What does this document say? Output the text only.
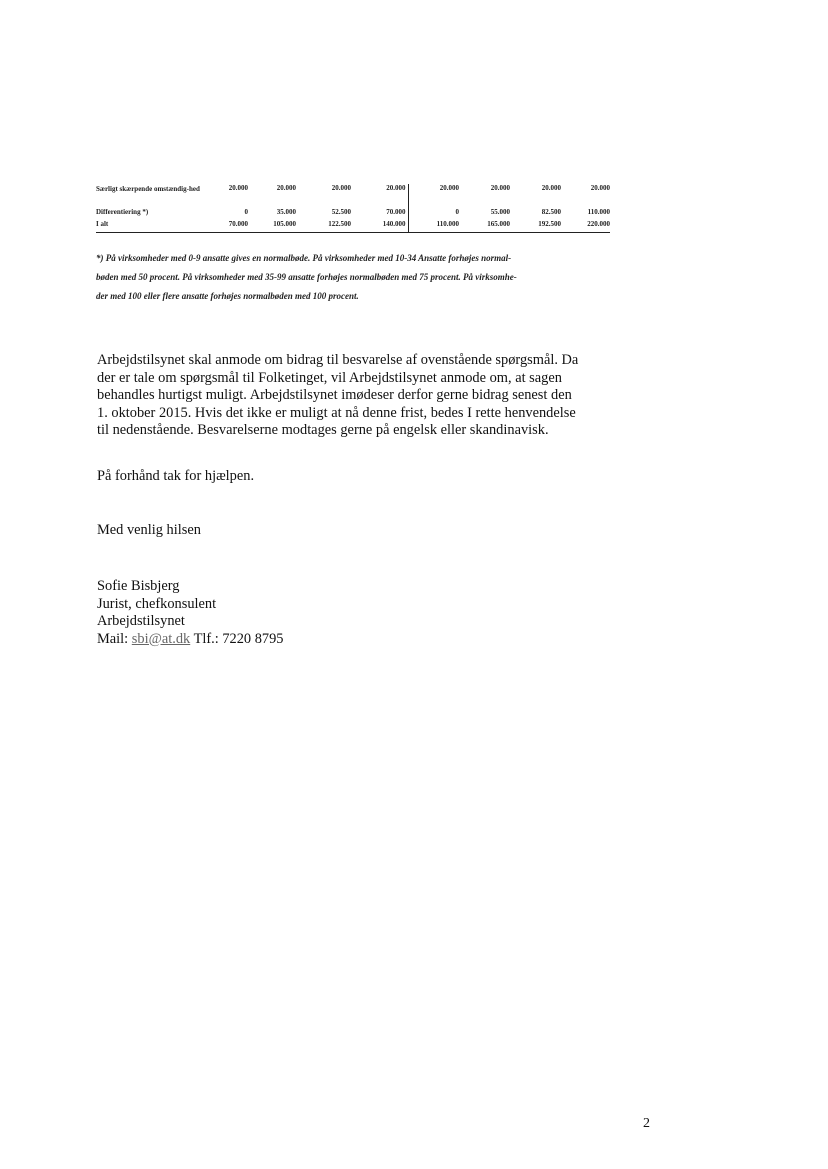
Særligt skærpende omstændig-hed	20.000	20.000	20.000	20.000	20.000	20.000	20.000	20.000

Differentiering *)	0	35.000	52.500	70.000	0	55.000	82.500	110.000
I alt	70.000	105.000	122.500	140.000	110.000	165.000	192.500	220.000

*) På virksomheder med 0-9 ansatte gives en normalbøde. På virksomheder med 10-34 Ansatte forhøjes normal-

bøden med 50 procent. På virksomheder med 35-99 ansatte forhøjes normalbøden med 75 procent. På virksomhe-

der med 100 eller flere ansatte forhøjes normalbøden med 100 procent.

Arbejdstilsynet skal anmode om bidrag til besvarelse af ovenstående spørgsmål. Da

der er tale om spørgsmål til Folketinget, vil Arbejdstilsynet anmode om, at sagen

behandles hurtigst muligt. Arbejdstilsynet imødeser derfor gerne bidrag senest den

1. oktober 2015. Hvis det ikke er muligt at nå denne frist, bedes I rette henvendelse

til nedenstående. Besvarelserne modtages gerne på engelsk eller skandinavisk.

På forhånd tak for hjælpen.

Med venlig hilsen

Sofie Bisbjerg

Jurist, chefkonsulent

Arbejdstilsynet

Mail: sbi@at.dk Tlf.: 7220 8795

2
